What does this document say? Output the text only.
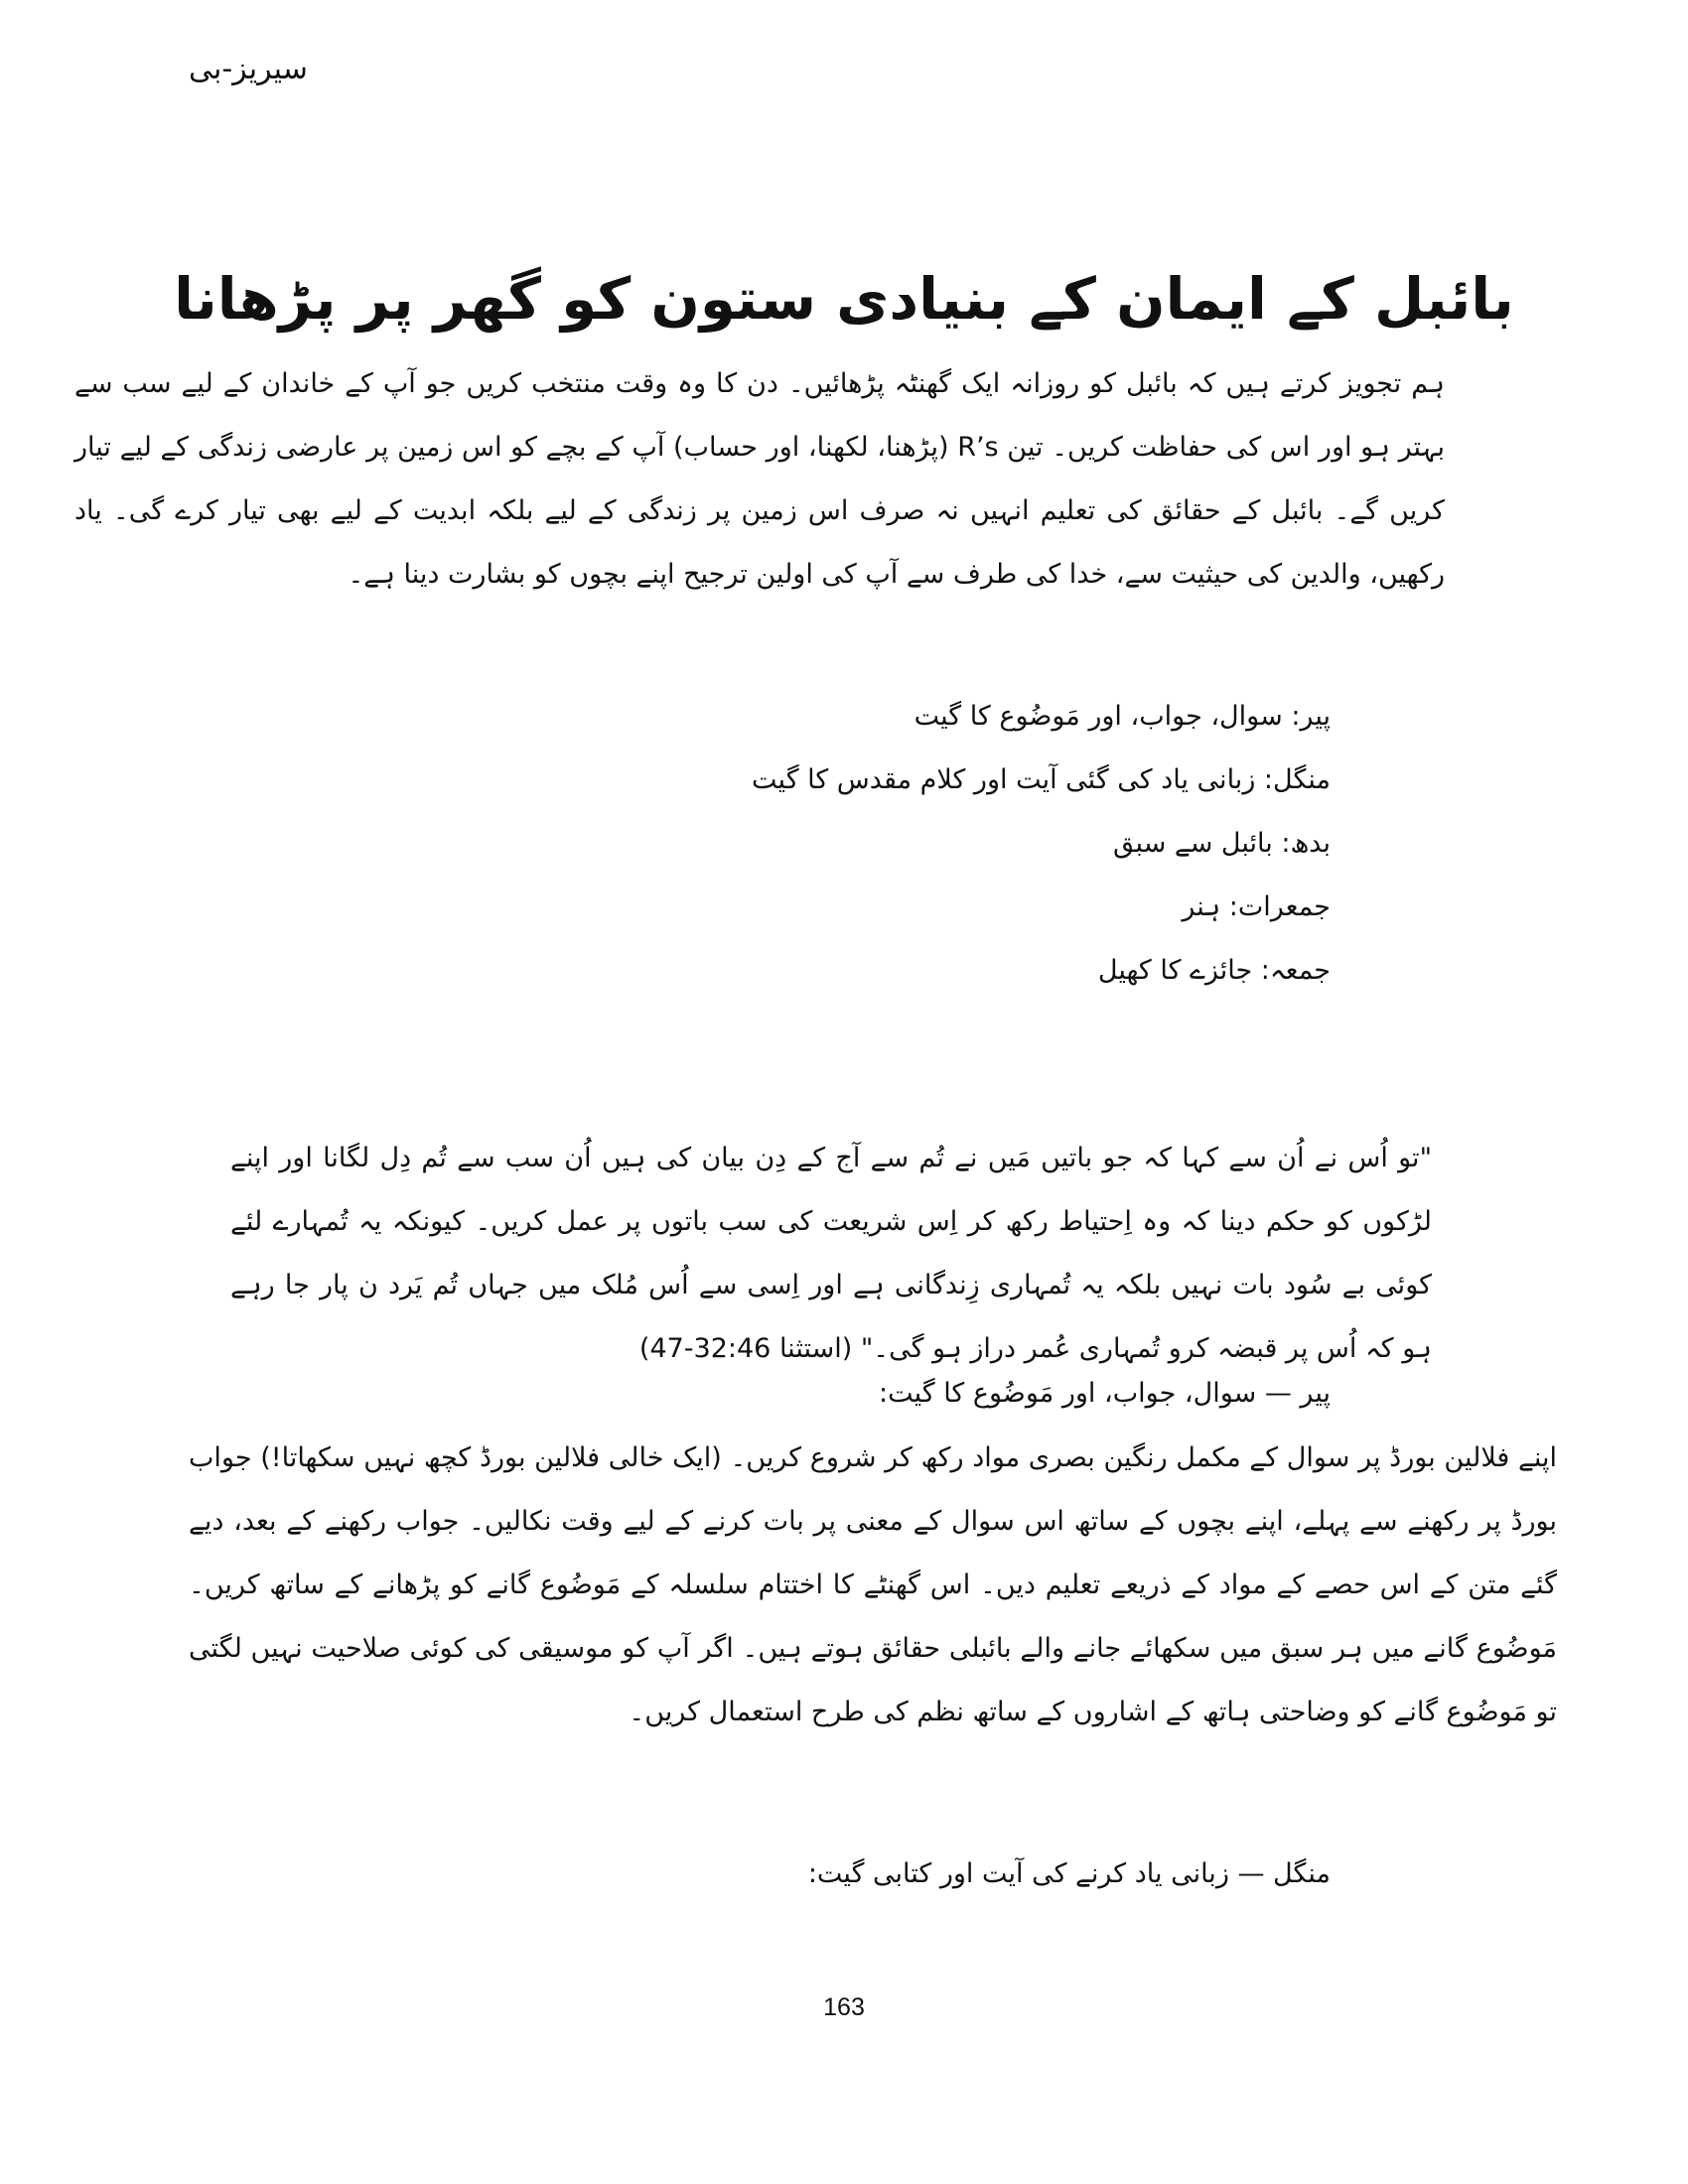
سیریز-بی
بائبل کے ایمان کے بنیادی ستون کو گھر پر پڑھانا

ہم تجویز کرتے ہیں کہ بائبل کو روزانہ ایک گھنٹہ پڑھائیں۔ دن کا وہ وقت منتخب کریں جو آپ کے خاندان کے لیے سب سے بہتر ہو اور اس کی حفاظت کریں۔ تین R’s (پڑھنا، لکھنا، اور حساب) آپ کے بچے کو اس زمین پر عارضی زندگی کے لیے تیار کریں گے۔ بائبل کے حقائق کی تعلیم انہیں نہ صرف اس زمین پر زندگی کے لیے بلکہ ابدیت کے لیے بھی تیار کرے گی۔ یاد رکھیں، والدین کی حیثیت سے، خدا کی طرف سے آپ کی اولین ترجیح اپنے بچوں کو بشارت دینا ہے۔

پیر: سوال، جواب، اور مَوضُوع کا گیت
منگل: زبانی یاد کی گئی آیت اور کلام مقدس کا گیت
بدھ: بائبل سے سبق
جمعرات: ہنر
جمعہ: جائزے کا کھیل

"تو اُس نے اُن سے کہا کہ جو باتیں مَیں نے تُم سے آج کے دِن بیان کی ہیں اُن سب سے تُم دِل لگانا اور اپنے لڑکوں کو حکم دینا کہ وہ اِحتیاط رکھ کر اِس شریعت کی سب باتوں پر عمل کریں۔ کیونکہ یہ تُمہارے لئے کوئی بے سُود بات نہیں بلکہ یہ تُمہاری زِندگانی ہے اور اِسی سے اُس مُلک میں جہاں تُم یَرد ن پار جا رہے ہو کہ اُس پر قبضہ کرو تُمہاری عُمر دراز ہو گی۔" (استثنا 32:46-47)

پیر — سوال، جواب، اور مَوضُوع کا گیت:

اپنے فلالین بورڈ پر سوال کے مکمل رنگین بصری مواد رکھ کر شروع کریں۔ (ایک خالی فلالین بورڈ کچھ نہیں سکھاتا!) جواب بورڈ پر رکھنے سے پہلے، اپنے بچوں کے ساتھ اس سوال کے معنی پر بات کرنے کے لیے وقت نکالیں۔ جواب رکھنے کے بعد، دیے گئے متن کے اس حصے کے مواد کے ذریعے تعلیم دیں۔ اس گھنٹے کا اختتام سلسلہ کے مَوضُوع گانے کو پڑھانے کے ساتھ کریں۔ مَوضُوع گانے میں ہر سبق میں سکھائے جانے والے بائبلی حقائق ہوتے ہیں۔ اگر آپ کو موسیقی کی کوئی صلاحیت نہیں لگتی تو مَوضُوع گانے کو وضاحتی ہاتھ کے اشاروں کے ساتھ نظم کی طرح استعمال کریں۔

منگل — زبانی یاد کرنے کی آیت اور کتابی گیت:
163
